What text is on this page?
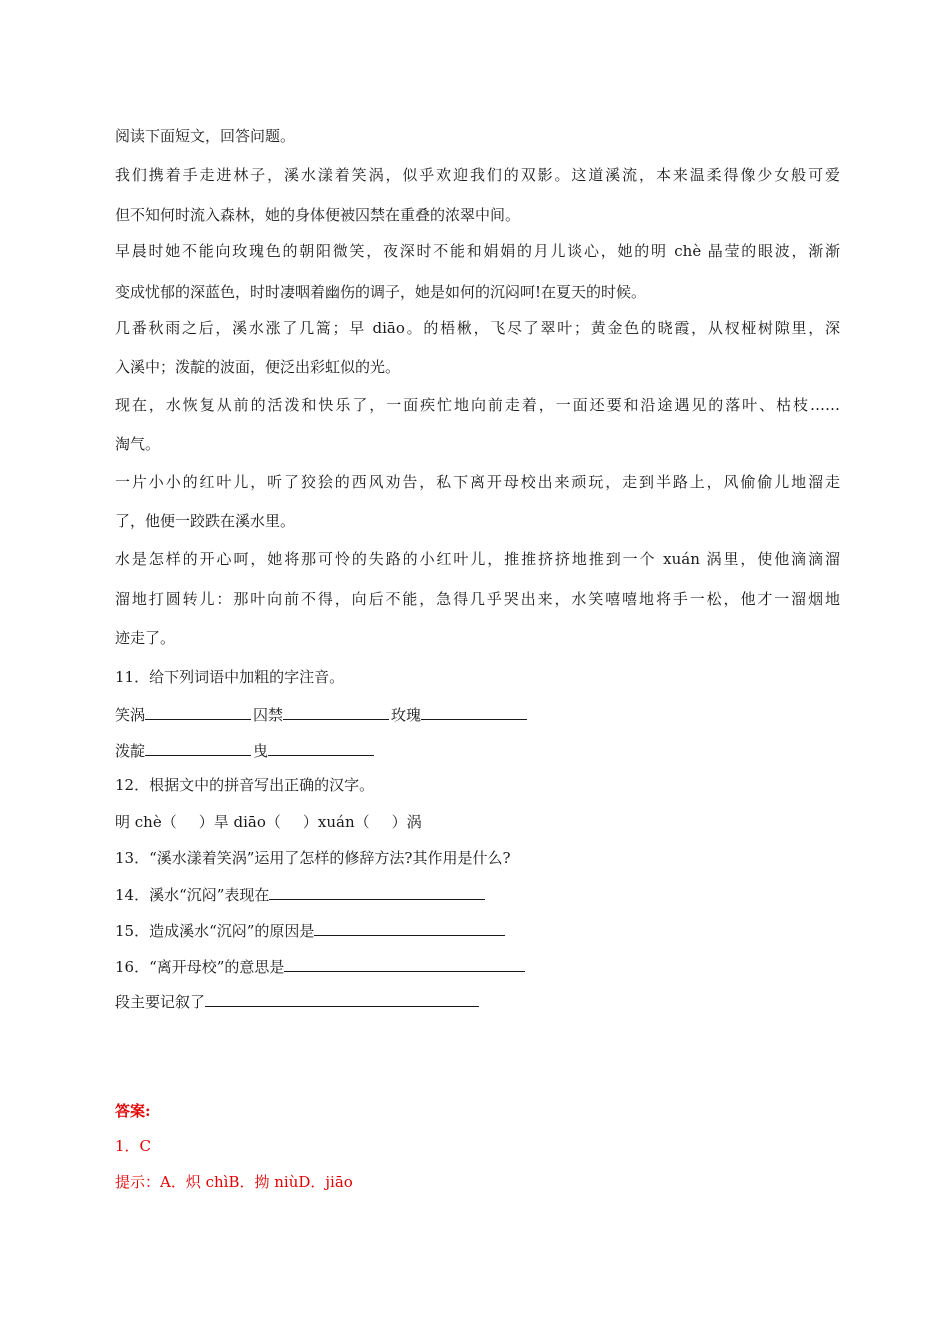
阅读下面短文，回答问题。
我们携着手走进林子，溪水漾着笑涡，似乎欢迎我们的双影。这道溪流，本来温柔得像少女般可爱
但不知何时流入森林，她的身体便被囚禁在重叠的浓翠中间。
早晨时她不能向玫瑰色的朝阳微笑，夜深时不能和娟娟的月儿谈心，她的明 chè 晶莹的眼波，渐渐
变成忧郁的深蓝色，时时凄咽着幽伤的调子，她是如何的沉闷呵!在夏天的时候。
几番秋雨之后，溪水涨了几篙；早 diāo。的梧楸，飞尽了翠叶；黄金色的晓霞，从杈桠树隙里，深
入溪中；泼靛的波面，便泛出彩虹似的光。
现在，水恢复从前的活泼和快乐了，一面疾忙地向前走着，一面还要和沿途遇见的落叶、枯枝……
淘气。
一片小小的红叶儿，听了狡狯的西风劝告，私下离开母校出来顽玩，走到半路上，风偷偷儿地溜走
了，他便一跤跌在溪水里。
水是怎样的开心呵，她将那可怜的失路的小红叶儿，推推挤挤地推到一个 xuán 涡里，使他滴滴溜
溜地打圆转儿：那叶向前不得，向后不能，急得几乎哭出来，水笑嘻嘻地将手一松，他才一溜烟地
迹走了。
11．给下列词语中加粗的字注音。
笑涡	囚禁	玫瑰
泼靛	曳
12．根据文中的拼音写出正确的汉字。
明 chè（ ）旱 diāo（ ）xuán（ ）涡
13．“溪水漾着笑涡”运用了怎样的修辞方法?其作用是什么?
14．溪水“沉闷”表现在
15．造成溪水“沉闷”的原因是
16．“离开母校”的意思是
段主要记叙了
答案:
1．C
提示：A．炽 chìB．拗 niùD．jiāo
